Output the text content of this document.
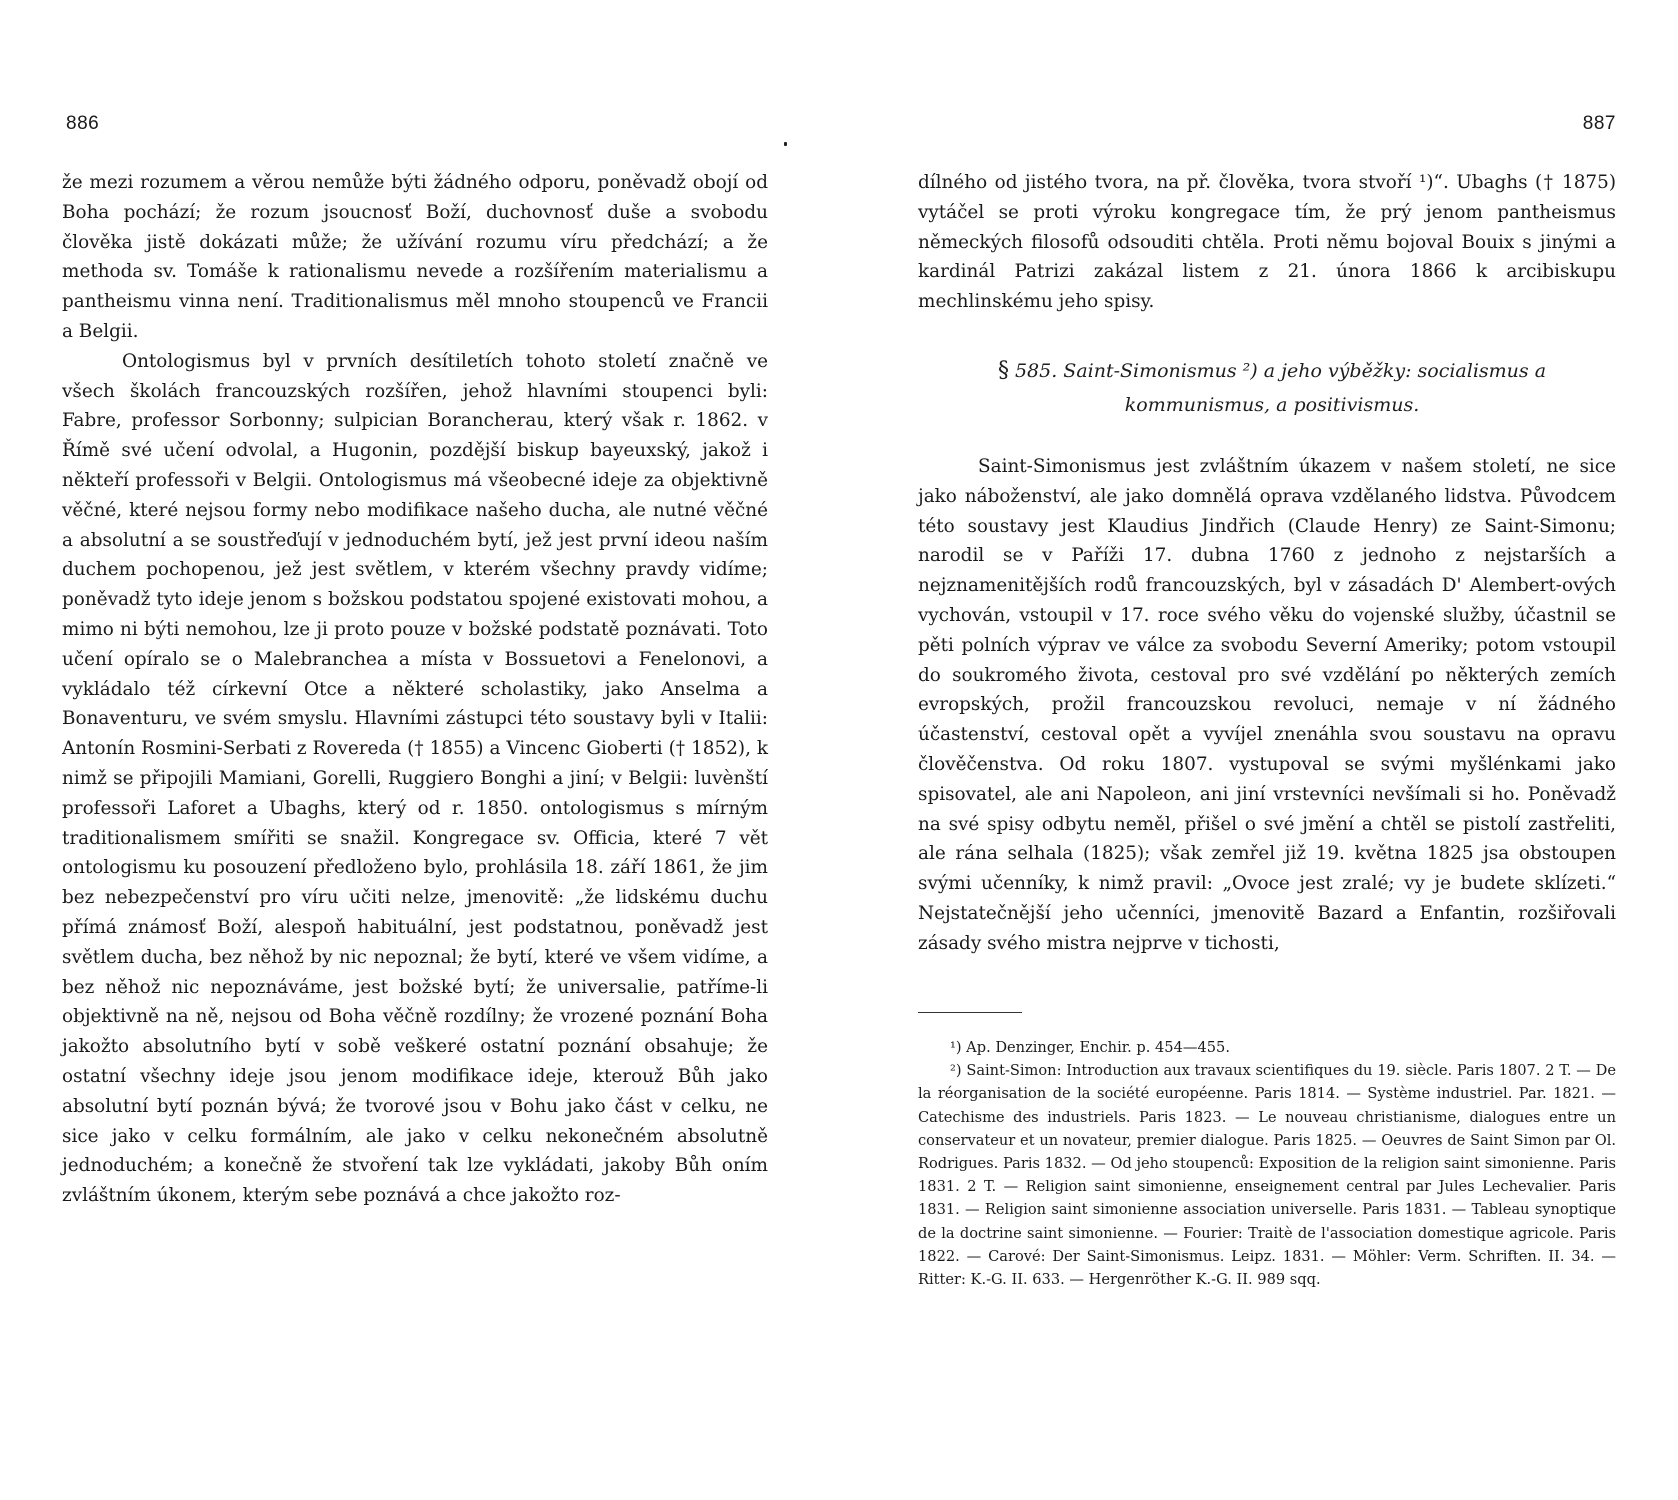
886

že mezi rozumem a věrou nemůže býti žádného odporu, poněvadž obojí od Boha pochází; že rozum jsoucnosť Boží, duchovnosť duše a svobodu člověka jistě dokázati může; že užívání rozumu víru předchází; a že methoda sv. Tomáše k rationalismu nevede a rozšířením materialismu a pantheismu vinna není. Traditionalismus měl mnoho stoupenců ve Francii a Belgii.

Ontologismus byl v prvních desítiletích tohoto století značně ve všech školách francouzských rozšířen, jehož hlavními stoupenci byli: Fabre, professor Sorbonny; sulpician Borancherau, který však r. 1862. v Římě své učení odvolal, a Hugonin, pozdější biskup bayeuxský, jakož i někteří professoři v Belgii. Ontologismus má všeobecné ideje za objektivně věčné, které nejsou formy nebo modifikace našeho ducha, ale nutné věčné a absolutní a se soustřeďují v jednoduchém bytí, jež jest první ideou naším duchem pochopenou, jež jest světlem, v kterém všechny pravdy vidíme; poněvadž tyto ideje jenom s božskou podstatou spojené existovati mohou, a mimo ni býti nemohou, lze ji proto pouze v božské podstatě poznávati. Toto učení opíralo se o Malebranchea a místa v Bossuetovi a Fenelonovi, a vykládalo též církevní Otce a některé scholastiky, jako Anselma a Bonaventuru, ve svém smyslu. Hlavními zástupci této soustavy byli v Italii: Antonín Rosmini-Serbati z Rovereda († 1855) a Vincenc Gioberti († 1852), k nimž se připojili Mamiani, Gorelli, Ruggiero Bonghi a jiní; v Belgii: luvènští professoři Laforet a Ubaghs, který od r. 1850. ontologismus s mírným traditionalismem smířiti se snažil. Kongregace sv. Officia, které 7 vět ontologismu ku posouzení předloženo bylo, prohlásila 18. září 1861, že jim bez nebezpečenství pro víru učiti nelze, jmenovitě: „že lidskému duchu přímá známosť Boží, alespoň habituální, jest podstatnou, poněvadž jest světlem ducha, bez něhož by nic nepoznal; že bytí, které ve všem vidíme, a bez něhož nic nepoznáváme, jest božské bytí; že universalie, patříme-li objektivně na ně, nejsou od Boha věčně rozdílny; že vrozené poznání Boha jakožto absolutního bytí v sobě veškeré ostatní poznání obsahuje; že ostatní všechny ideje jsou jenom modifikace ideje, kterouž Bůh jako absolutní bytí poznán bývá; že tvorové jsou v Bohu jako část v celku, ne sice jako v celku formálním, ale jako v celku nekonečném absolutně jednoduchém; a konečně že stvoření tak lze vykládati, jakoby Bůh oním zvláštním úkonem, kterým sebe poznává a chce jakožto roz-

887

dílného od jistého tvora, na př. člověka, tvora stvoří ¹)“. Ubaghs († 1875) vytáčel se proti výroku kongregace tím, že prý jenom pantheismus německých filosofů odsouditi chtěla. Proti němu bojoval Bouix s jinými a kardinál Patrizi zakázal listem z 21. února 1866 k arcibiskupu mechlinskému jeho spisy.

§ 585. Saint-Simonismus ²) a jeho výběžky: socialismus a
kommunismus, a positivismus.

Saint-Simonismus jest zvláštním úkazem v našem století, ne sice jako náboženství, ale jako domnělá oprava vzdělaného lidstva. Původcem této soustavy jest Klaudius Jindřich (Claude Henry) ze Saint-Simonu; narodil se v Paříži 17. dubna 1760 z jednoho z nejstarších a nejznamenitějších rodů francouzských, byl v zásadách D' Alembert-ových vychován, vstoupil v 17. roce svého věku do vojenské služby, účastnil se pěti polních výprav ve válce za svobodu Severní Ameriky; potom vstoupil do soukromého života, cestoval pro své vzdělání po některých zemích evropských, prožil francouzskou revoluci, nemaje v ní žádného účastenství, cestoval opět a vyvíjel znenáhla svou soustavu na opravu člověčenstva. Od roku 1807. vystupoval se svými myšlénkami jako spisovatel, ale ani Napoleon, ani jiní vrstevníci nevšímali si ho. Poněvadž na své spisy odbytu neměl, přišel o své jmění a chtěl se pistolí zastřeliti, ale rána selhala (1825); však zemřel již 19. května 1825 jsa obstoupen svými učenníky, k nimž pravil: „Ovoce jest zralé; vy je budete sklízeti.“ Nejstatečnější jeho učenníci, jmenovitě Bazard a Enfantin, rozšiřovali zásady svého mistra nejprve v tichosti,

¹) Ap. Denzinger, Enchir. p. 454—455.

²) Saint-Simon: Introduction aux travaux scientifiques du 19. siècle. Paris 1807. 2 T. — De la réorganisation de la société européenne. Paris 1814. — Système industriel. Par. 1821. — Catechisme des industriels. Paris 1823. — Le nouveau christianisme, dialogues entre un conservateur et un novateur, premier dialogue. Paris 1825. — Oeuvres de Saint Simon par Ol. Rodrigues. Paris 1832. — Od jeho stoupenců: Exposition de la religion saint simonienne. Paris 1831. 2 T. — Religion saint simonienne, enseignement central par Jules Lechevalier. Paris 1831. — Religion saint simonienne association universelle. Paris 1831. — Tableau synoptique de la doctrine saint simonienne. — Fourier: Traitè de l'association domestique agricole. Paris 1822. — Carové: Der Saint-Simonismus. Leipz. 1831. — Möhler: Verm. Schriften. II. 34. — Ritter: K.-G. II. 633. — Hergenröther K.-G. II. 989 sqq.
